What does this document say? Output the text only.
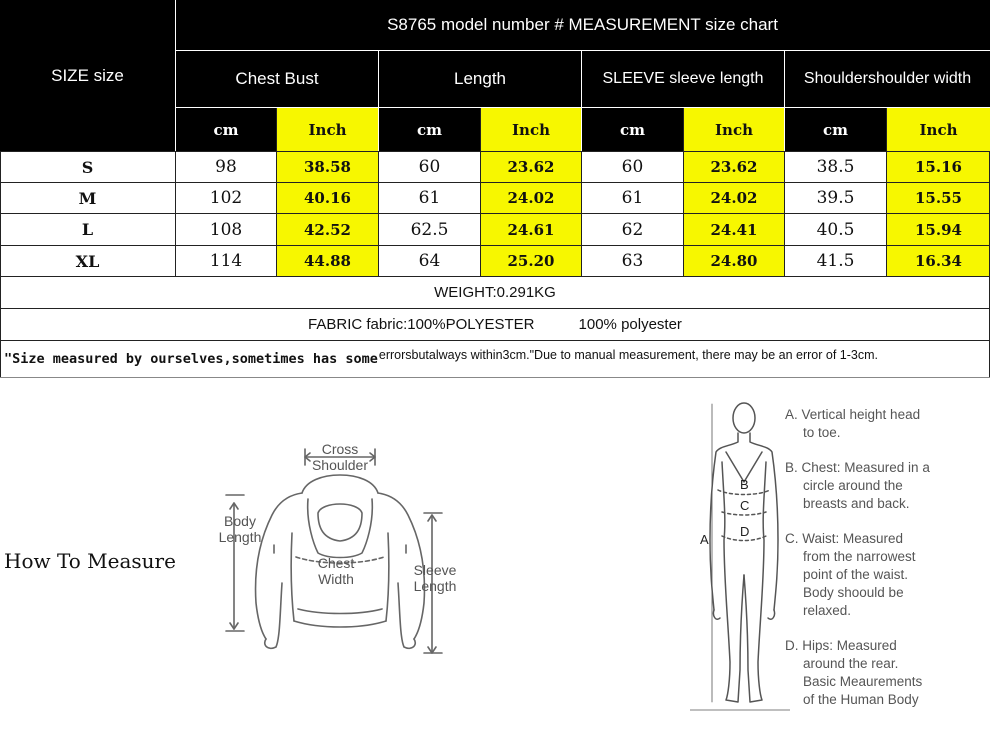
S8765 model number # MEASUREMENT size chart
SIZE size	Chest Bust	Length	SLEEVE sleeve length	Shouldershoulder width
cm	Inch	cm	Inch	cm	Inch	cm	Inch
S	98	38.58	60	23.62	60	23.62	38.5	15.16
M	102	40.16	61	24.02	61	24.02	39.5	15.55
L	108	42.52	62.5	24.61	62	24.41	40.5	15.94
XL	114	44.88	64	25.20	63	24.80	41.5	16.34
WEIGHT:0.291KG
FABRIC fabric:100%POLYESTER	100% polyester
"Size measured by ourselves,sometimes has some errorsbutalways within3cm."Due to manual measurement, there may be an error of 1-3cm.
How To Measure
Cross
Shoulder
Body
Length
Chest
Width
Sleeve
Length
A
B
C
D
A. Vertical height head
to toe.
B. Chest: Measured in a
circle around the
breasts and back.
C. Waist: Measured
from the narrowest
point of the waist.
Body shoould be
relaxed.
D. Hips: Measured
around the rear.
Basic Meaurements
of the Human Body
